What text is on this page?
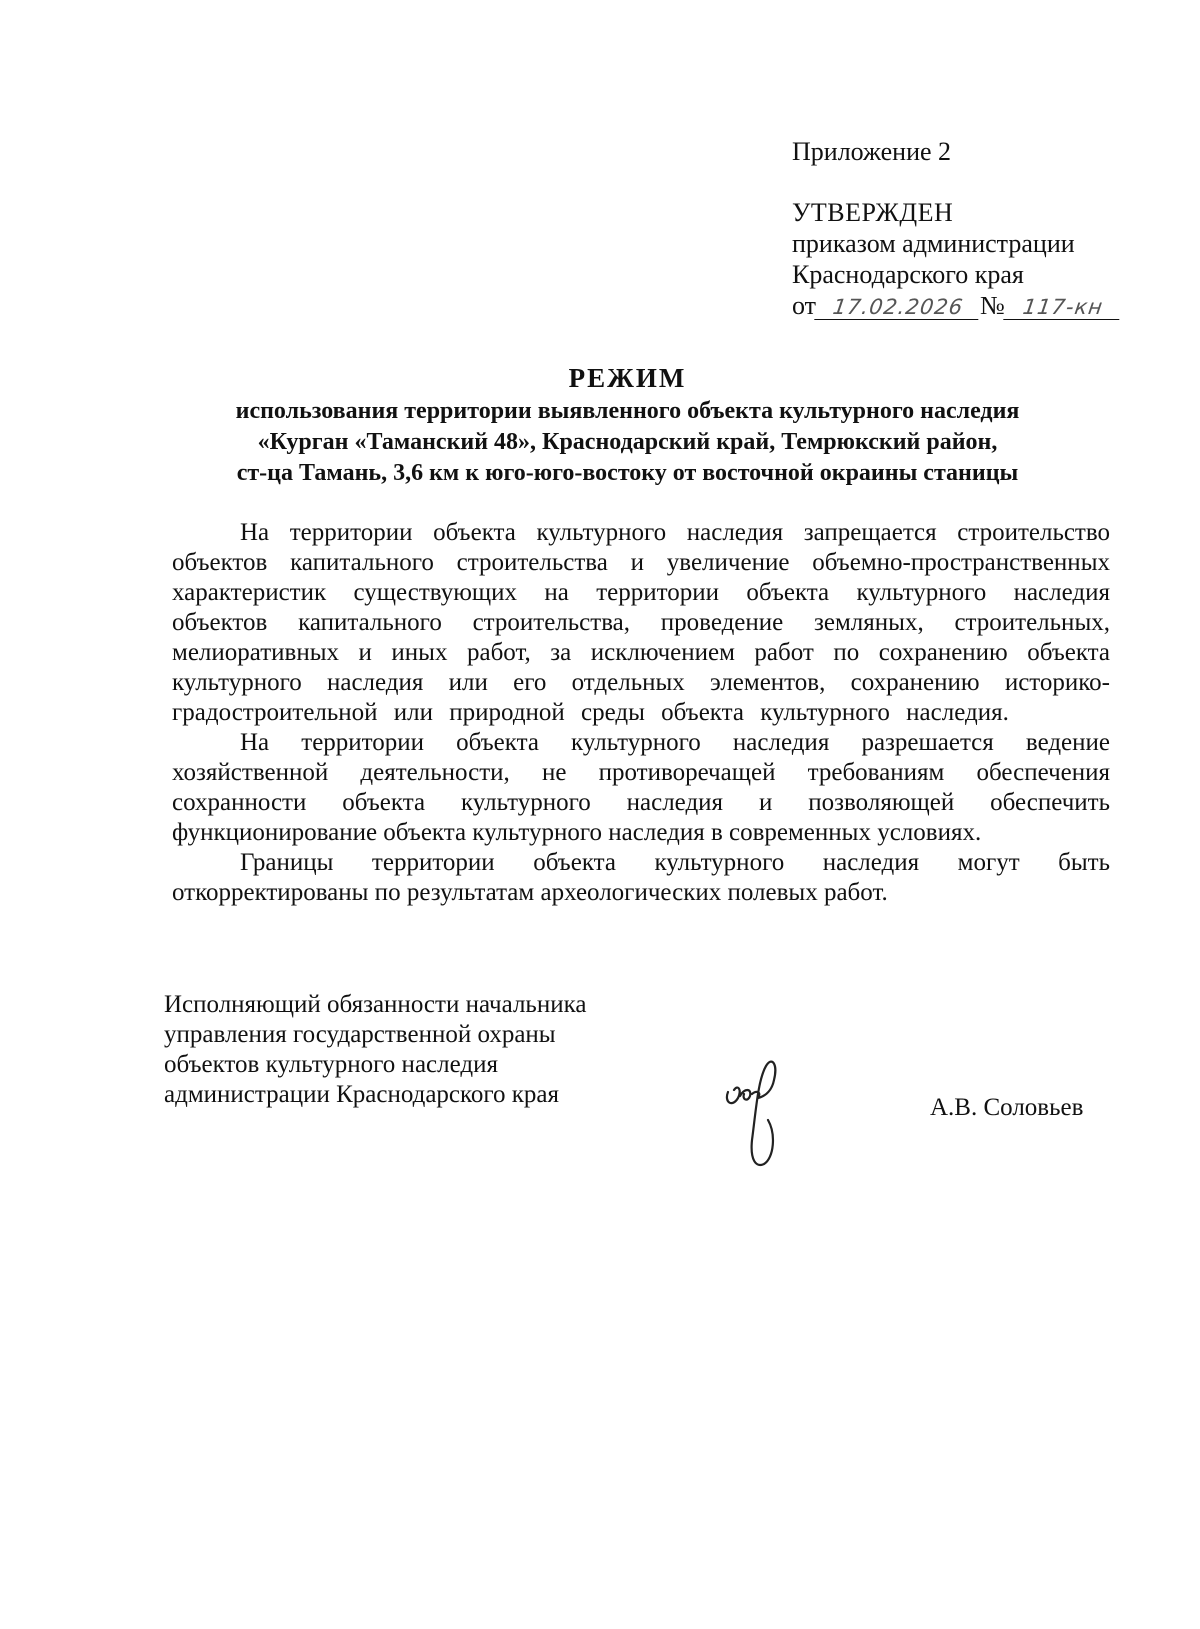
Приложение 2
УТВЕРЖДЕН
приказом администрации
Краснодарского края
от 17.02.2026 № 117-кн
РЕЖИМ
использования территории выявленного объекта культурного наследия
«Курган «Таманский 48», Краснодарский край, Темрюкский район,
ст-ца Тамань, 3,6 км к юго-юго-востоку от восточной окраины станицы

На территории объекта культурного наследия запрещается строительство объектов капитального строительства и увеличение объемно-пространственных характеристик существующих на территории объекта культурного наследия объектов капитального строительства, проведение земляных, строительных, мелиоративных и иных работ, за исключением работ по сохранению объекта культурного наследия или его отдельных элементов, сохранению историко-градостроительной или природной среды объекта культурного наследия.

На территории объекта культурного наследия разрешается ведение хозяйственной деятельности, не противоречащей требованиям обеспечения сохранности объекта культурного наследия и позволяющей обеспечить функционирование объекта культурного наследия в современных условиях.

Границы территории объекта культурного наследия могут быть откорректированы по результатам археологических полевых работ.

Исполняющий обязанности начальника
управления государственной охраны
объектов культурного наследия
администрации Краснодарского края	А.В. Соловьев
